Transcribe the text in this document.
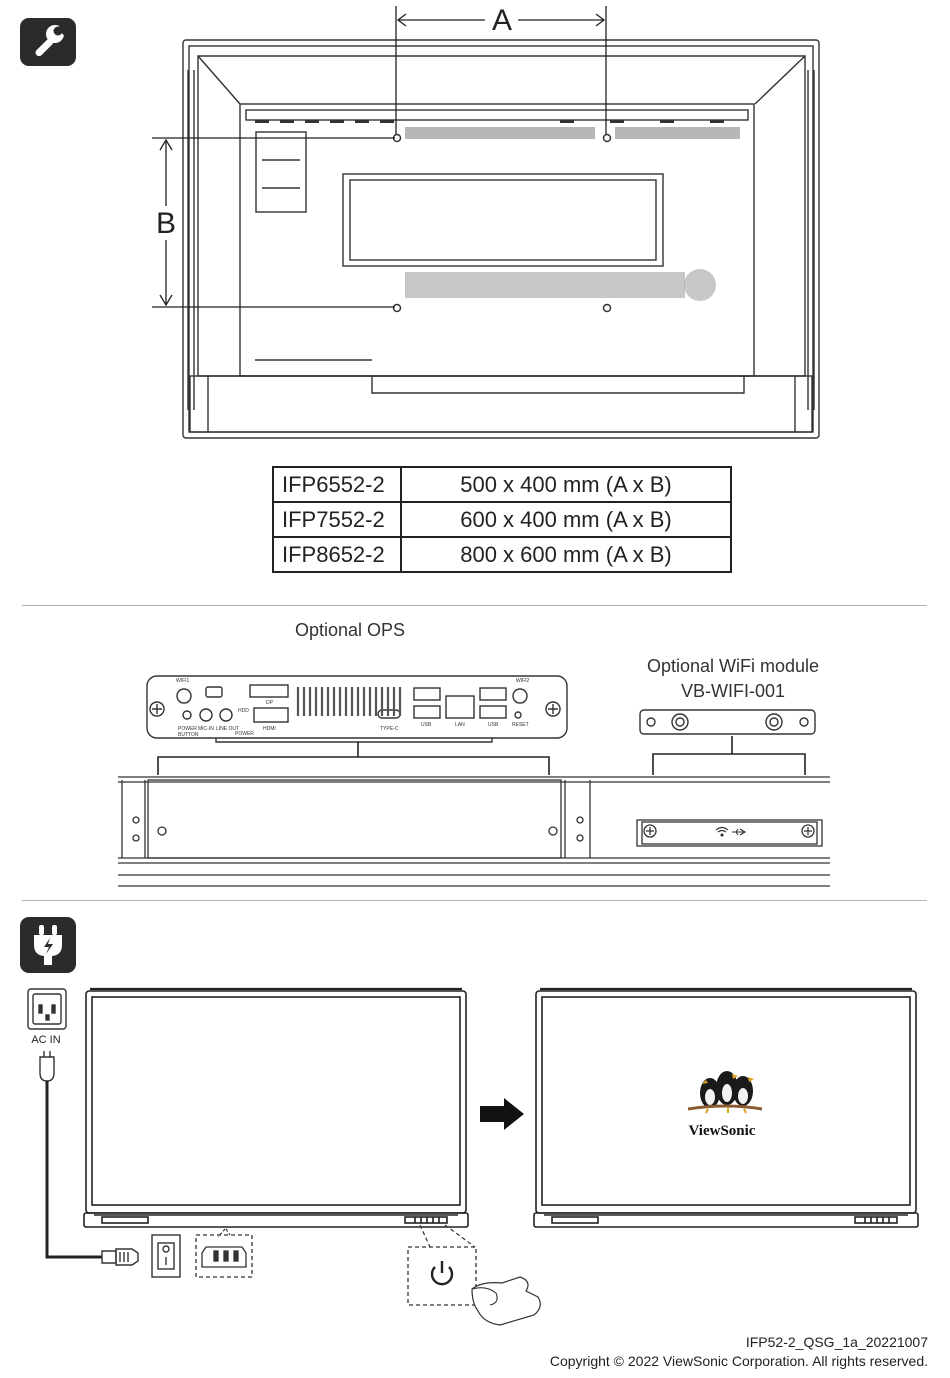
A
B
IFP6552-2	500 x 400 mm (A x B)
IFP7552-2	600 x 400 mm (A x B)
IFP8652-2	800 x 600 mm (A x B)
Optional OPS
Optional WiFi module
VB-WIFI-001
WIFI1
POWER
BUTTON
MIC-IN LINE OUT
POWER
HDD
HDMI
DP
TYPE-C
USB	LAN	USB	RESET
WIFI2
AC IN
ViewSonic
IFP52-2_QSG_1a_20221007
Copyright © 2022 ViewSonic Corporation. All rights reserved.
